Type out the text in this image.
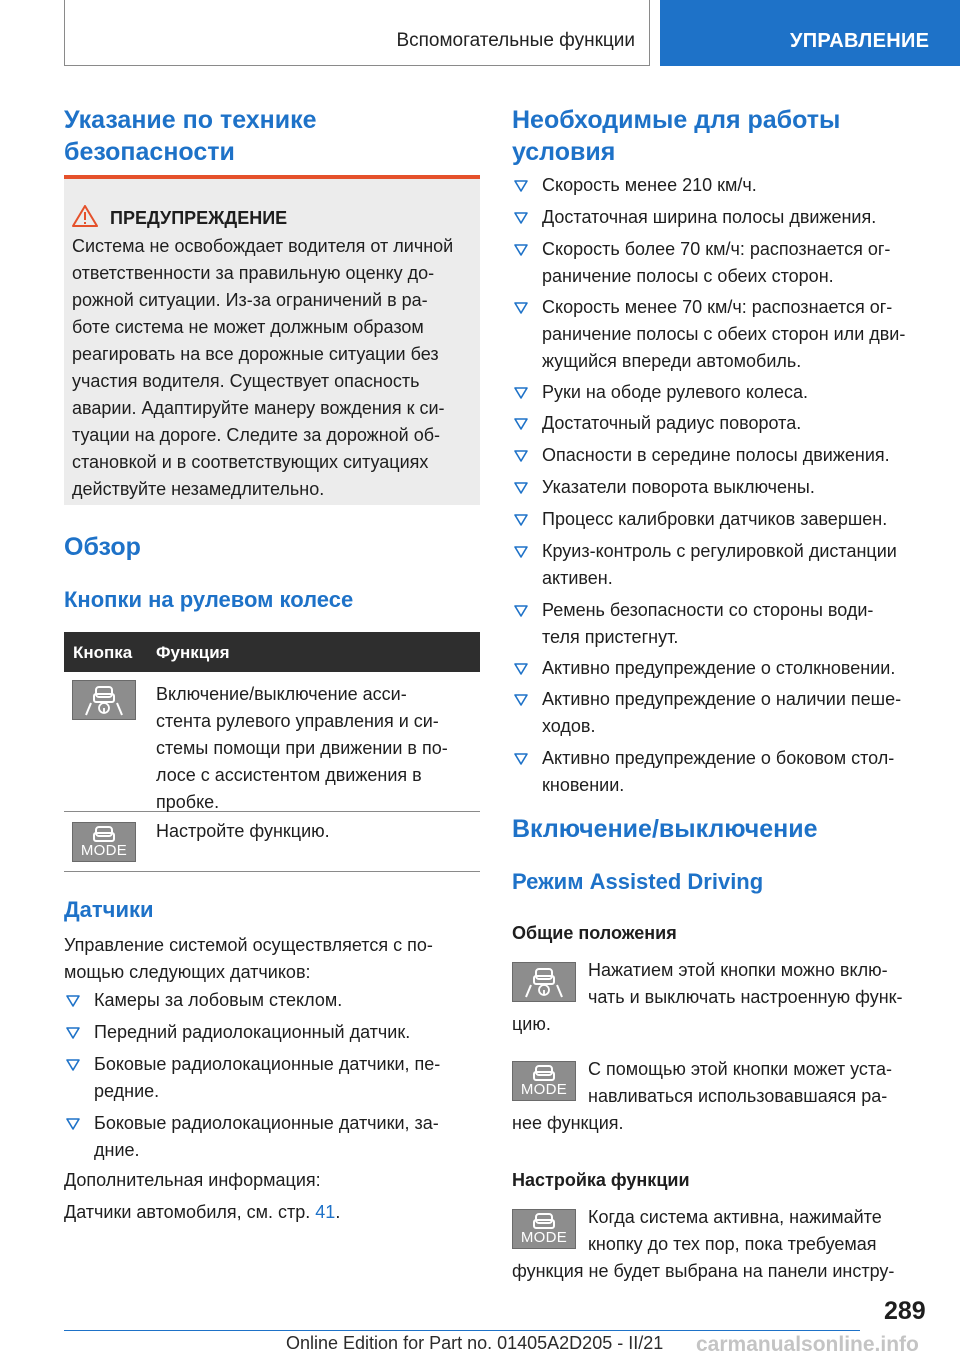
Вспомогательные функции	УПРАВЛЕНИЕ
Указание по технике
безопасности
ПРЕДУПРЕЖДЕНИЕ
Система не освобождает водителя от личной
ответственности за правильную оценку до-
рожной ситуации. Из-за ограничений в ра-
боте система не может должным образом
реагировать на все дорожные ситуации без
участия водителя. Существует опасность
аварии. Адаптируйте манеру вождения к си-
туации на дороге. Следите за дорожной об-
становкой и в соответствующих ситуациях
действуйте незамедлительно.
Обзор
Кнопки на рулевом колесе
Кнопка Функция
Включение/выключение асси-
стента рулевого управления и си-
стемы помощи при движении в по-
лосе с ассистентом движения в
пробке.
MODE
Настройте функцию.
Датчики
Управление системой осуществляется с по-
мощью следующих датчиков:
Камеры за лобовым стеклом.
Передний радиолокационный датчик.
Боковые радиолокационные датчики, пе-
редние.
Боковые радиолокационные датчики, за-
дние.
Дополнительная информация:
Датчики автомобиля, см. стр. 41.
Необходимые для работы
условия
Скорость менее 210 км/ч.
Достаточная ширина полосы движения.
Скорость более 70 км/ч: распознается ог-
раничение полосы с обеих сторон.
Скорость менее 70 км/ч: распознается ог-
раничение полосы с обеих сторон или дви-
жущийся впереди автомобиль.
Руки на ободе рулевого колеса.
Достаточный радиус поворота.
Опасности в середине полосы движения.
Указатели поворота выключены.
Процесс калибровки датчиков завершен.
Круиз-контроль с регулировкой дистанции
активен.
Ремень безопасности со стороны води-
теля пристегнут.
Активно предупреждение о столкновении.
Активно предупреждение о наличии пеше-
ходов.
Активно предупреждение о боковом стол-
кновении.
Включение/выключение
Режим Assisted Driving
Общие положения
Нажатием этой кнопки можно вклю-
чать и выключать настроенную функ-
цию.
MODE
С помощью этой кнопки может уста-
навливаться использовавшаяся ра-
нее функция.
Настройка функции
MODE
Когда система активна, нажимайте
кнопку до тех пор, пока требуемая
функция не будет выбрана на панели инстру-
289
Online Edition for Part no. 01405A2D205 - II/21 carmanualsonline.info
